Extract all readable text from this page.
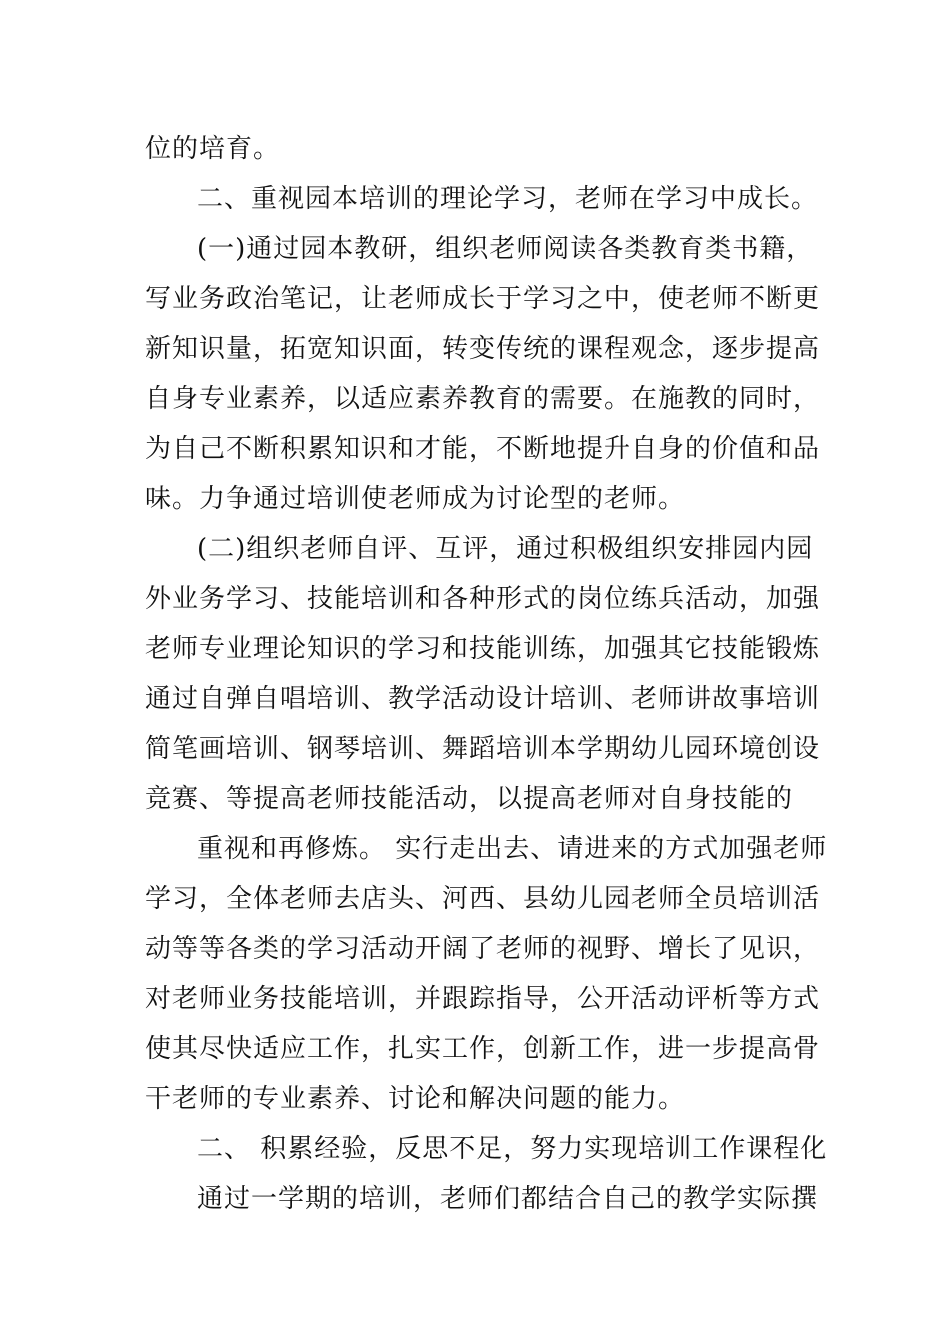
位的培育。
二、重视园本培训的理论学习，老师在学习中成长。
(一)通过园本教研，组织老师阅读各类教育类书籍，
写业务政治笔记，让老师成长于学习之中，使老师不断更
新知识量，拓宽知识面，转变传统的课程观念，逐步提高
自身专业素养，以适应素养教育的需要。在施教的同时，
为自己不断积累知识和才能，不断地提升自身的价值和品
味。力争通过培训使老师成为讨论型的老师。
(二)组织老师自评、互评，通过积极组织安排园内园
外业务学习、技能培训和各种形式的岗位练兵活动，加强
老师专业理论知识的学习和技能训练，加强其它技能锻炼
通过自弹自唱培训、教学活动设计培训、老师讲故事培训
简笔画培训、钢琴培训、舞蹈培训本学期幼儿园环境创设
竞赛、等提高老师技能活动，以提高老师对自身技能的
重视和再修炼。 实行走出去、请进来的方式加强老师
学习，全体老师去店头、河西、县幼儿园老师全员培训活
动等等各类的学习活动开阔了老师的视野、增长了见识，
对老师业务技能培训，并跟踪指导，公开活动评析等方式
使其尽快适应工作，扎实工作，创新工作，进一步提高骨
干老师的专业素养、讨论和解决问题的能力。
二、 积累经验，反思不足，努力实现培训工作课程化
通过一学期的培训，老师们都结合自己的教学实际撰
